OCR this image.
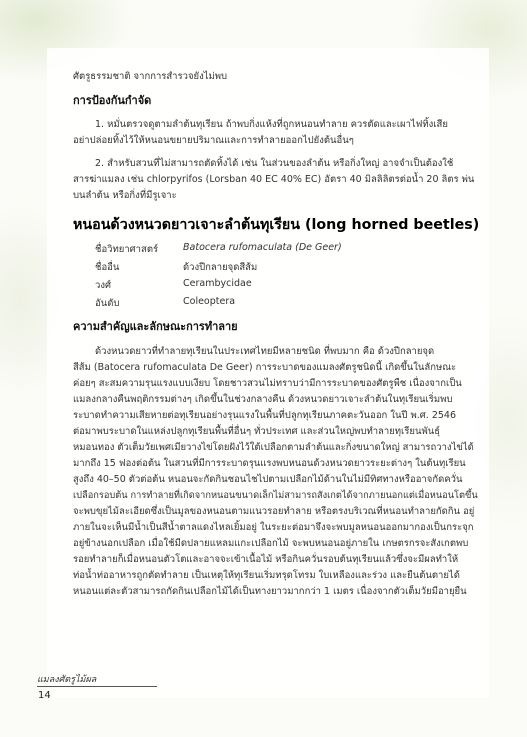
ศัตรูธรรมชาติ จากการสำรวจยังไม่พบ
การป้องกันกำจัด
1. หมั่นตรวจดูตามลำต้นทุเรียน ถ้าพบกิ่งแห้งที่ถูกหนอนทำลาย ควรตัดและเผาไฟทิ้งเสีย
อย่าปล่อยทิ้งไว้ให้หนอนขยายปริมาณและการทำลายออกไปยังต้นอื่นๆ
2. สำหรับสวนที่ไม่สามารถตัดทิ้งได้ เช่น ในส่วนของลำต้น หรือกิ่งใหญ่ อาจจำเป็นต้องใช้
สารฆ่าแมลง เช่น chlorpyrifos (Lorsban 40 EC 40% EC) อัตรา 40 มิลลิลิตรต่อน้ำ 20 ลิตร พ่น
บนลำต้น หรือกิ่งที่มีรูเจาะ
หนอนด้วงหนวดยาวเจาะลำต้นทุเรียน (long horned beetles)
ชื่อวิทยาศาสตร์	Batocera rufomaculata (De Geer)
ชื่ออื่น	ด้วงปีกลายจุดสีส้ม
วงศ์	Cerambycidae
อันดับ	Coleoptera
ความสำคัญและลักษณะการทำลาย
ด้วงหนวดยาวที่ทำลายทุเรียนในประเทศไทยมีหลายชนิด ที่พบมาก คือ ด้วงปีกลายจุด
สีส้ม (Batocera rufomaculata De Geer) การระบาดของแมลงศัตรูชนิดนี้ เกิดขึ้นในลักษณะ
ค่อยๆ สะสมความรุนแรงแบบเงียบ โดยชาวสวนไม่ทราบว่ามีการระบาดของศัตรูพืช เนื่องจากเป็น
แมลงกลางคืนพฤติกรรมต่างๆ เกิดขึ้นในช่วงกลางคืน ด้วงหนวดยาวเจาะลำต้นในทุเรียนเริ่มพบ
ระบาดทำความเสียหายต่อทุเรียนอย่างรุนแรงในพื้นที่ปลูกทุเรียนภาคตะวันออก ในปี พ.ศ. 2546
ต่อมาพบระบาดในแหล่งปลูกทุเรียนพื้นที่อื่นๆ ทั่วประเทศ และส่วนใหญ่พบทำลายทุเรียนพันธุ์
หมอนทอง ตัวเต็มวัยเพศเมียวางไข่โดยฝังไว้ใต้เปลือกตามลำต้นและกิ่งขนาดใหญ่ สามารถวางไข่ได้
มากถึง 15 ฟองต่อต้น ในสวนที่มีการระบาดรุนแรงพบหนอนด้วงหนวดยาวระยะต่างๆ ในต้นทุเรียน
สูงถึง 40–50 ตัวต่อต้น หนอนจะกัดกินชอนไชไปตามเปลือกไม้ด้านในไม่มีทิศทางหรืออาจกัดควั่น
เปลือกรอบต้น การทำลายที่เกิดจากหนอนขนาดเล็กไม่สามารถสังเกตได้จากภายนอกแต่เมื่อหนอนโตขึ้น
จะพบขุยไม้ละเอียดซึ่งเป็นมูลของหนอนตามแนวรอยทำลาย หรือตรงบริเวณที่หนอนทำลายกัดกิน อยู่
ภายในจะเห็นมีน้ำเป็นสีน้ำตาลแดงไหลเยิ้มอยู่ ในระยะต่อมาจึงจะพบมูลหนอนออกมากองเป็นกระจุก
อยู่ข้างนอกเปลือก เมื่อใช้มีดปลายแหลมแกะเปลือกไม้ จะพบหนอนอยู่ภายใน เกษตรกรจะสังเกตพบ
รอยทำลายก็เมื่อหนอนตัวโตและอาจจะเข้าเนื้อไม้ หรือกินควั่นรอบต้นทุเรียนแล้วซึ่งจะมีผลทำให้
ท่อน้ำท่ออาหารถูกตัดทำลาย เป็นเหตุให้ทุเรียนเริ่มทรุดโทรม ใบเหลืองและร่วง และยืนต้นตายได้
หนอนแต่ละตัวสามารถกัดกินเปลือกไม้ได้เป็นทางยาวมากกว่า 1 เมตร เนื่องจากตัวเต็มวัยมีอายุยืน
แมลงศัตรูไม้ผล
14
